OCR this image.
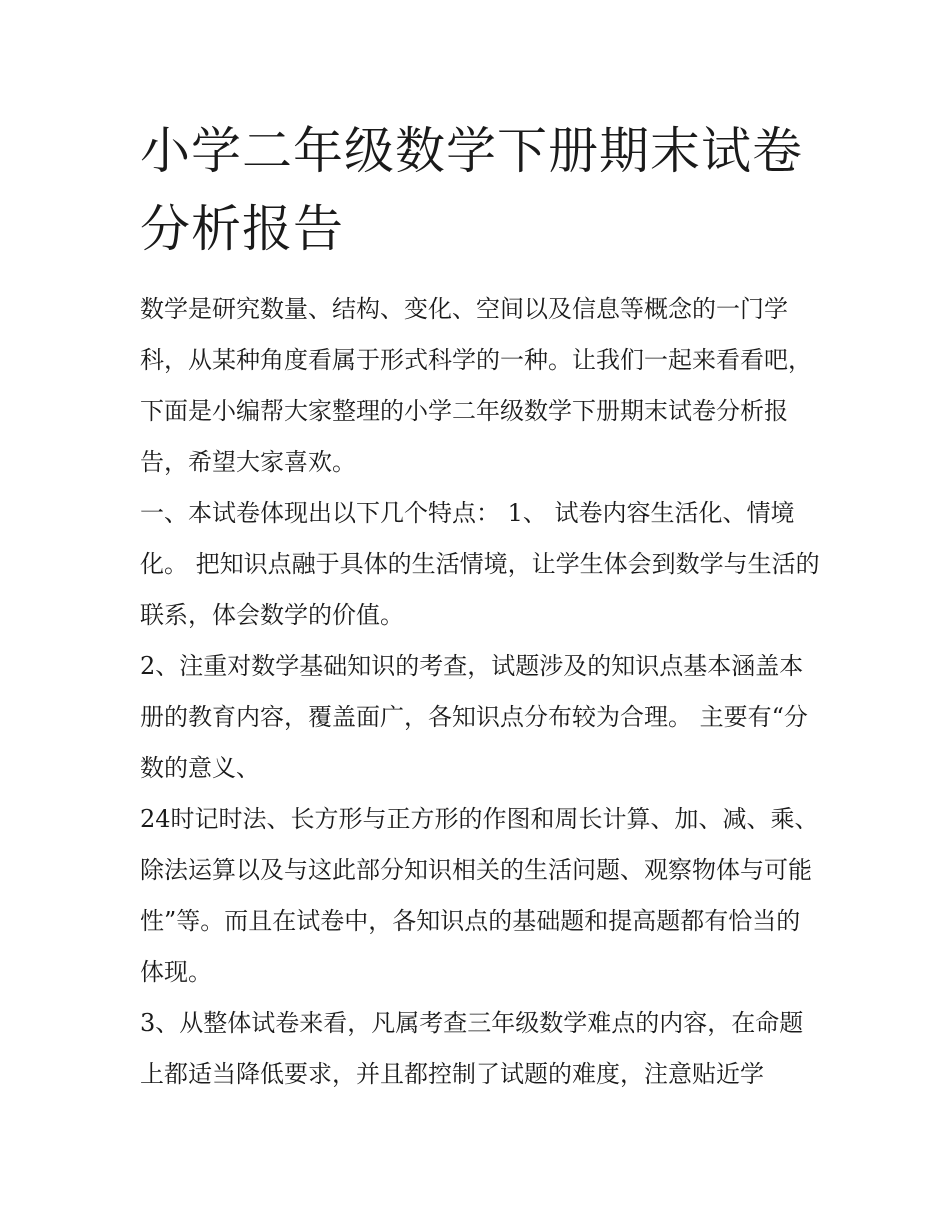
小学二年级数学下册期末试卷分析报告

数学是研究数量、结构、变化、空间以及信息等概念的一门学科，从某种角度看属于形式科学的一种。让我们一起来看看吧，下面是小编帮大家整理的小学二年级数学下册期末试卷分析报告，希望大家喜欢。

一、本试卷体现出以下几个特点： 1、 试卷内容生活化、情境化。 把知识点融于具体的生活情境，让学生体会到数学与生活的联系，体会数学的价值。

2、注重对数学基础知识的考查，试题涉及的知识点基本涵盖本册的教育内容，覆盖面广，各知识点分布较为合理。 主要有“分数的意义、

24时记时法、长方形与正方形的作图和周长计算、加、减、乘、除法运算以及与这此部分知识相关的生活问题、观察物体与可能性”等。而且在试卷中，各知识点的基础题和提高题都有恰当的体现。

3、从整体试卷来看，凡属考查三年级数学难点的内容，在命题上都适当降低要求，并且都控制了试题的难度，注意贴近学
